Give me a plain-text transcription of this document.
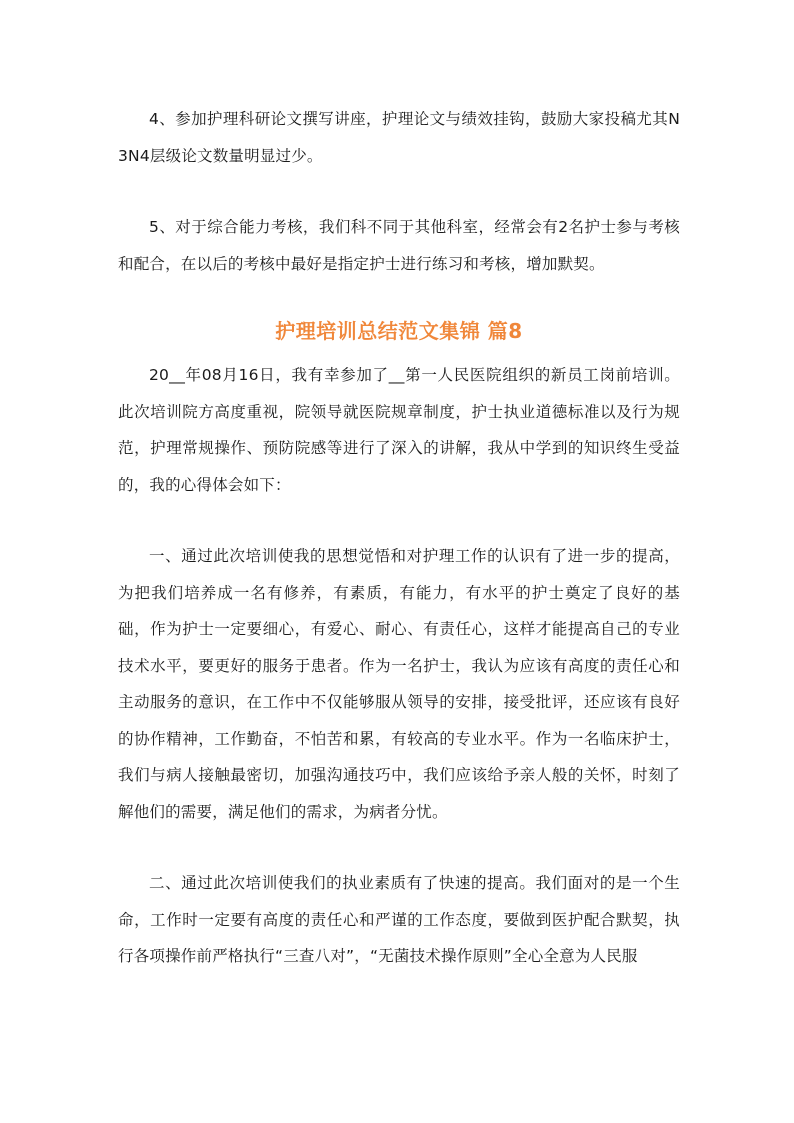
4、参加护理科研论文撰写讲座，护理论文与绩效挂钩，鼓励大家投稿尤其N3N4层级论文数量明显过少。

5、对于综合能力考核，我们科不同于其他科室，经常会有2名护士参与考核和配合，在以后的考核中最好是指定护士进行练习和考核，增加默契。

护理培训总结范文集锦 篇8

20__年08月16日，我有幸参加了__第一人民医院组织的新员工岗前培训。此次培训院方高度重视，院领导就医院规章制度，护士执业道德标准以及行为规范，护理常规操作、预防院感等进行了深入的讲解，我从中学到的知识终生受益的，我的心得体会如下：

一、通过此次培训使我的思想觉悟和对护理工作的认识有了进一步的提高，为把我们培养成一名有修养，有素质，有能力，有水平的护士奠定了良好的基础，作为护士一定要细心，有爱心、耐心、有责任心，这样才能提高自己的专业技术水平，要更好的服务于患者。作为一名护士，我认为应该有高度的责任心和主动服务的意识，在工作中不仅能够服从领导的安排，接受批评，还应该有良好的协作精神，工作勤奋，不怕苦和累，有较高的专业水平。作为一名临床护士，我们与病人接触最密切，加强沟通技巧中，我们应该给予亲人般的关怀，时刻了解他们的需要，满足他们的需求，为病者分忧。

二、通过此次培训使我们的执业素质有了快速的提高。我们面对的是一个生命，工作时一定要有高度的责任心和严谨的工作态度，要做到医护配合默契，执行各项操作前严格执行“三查八对”，“无菌技术操作原则”全心全意为人民服
